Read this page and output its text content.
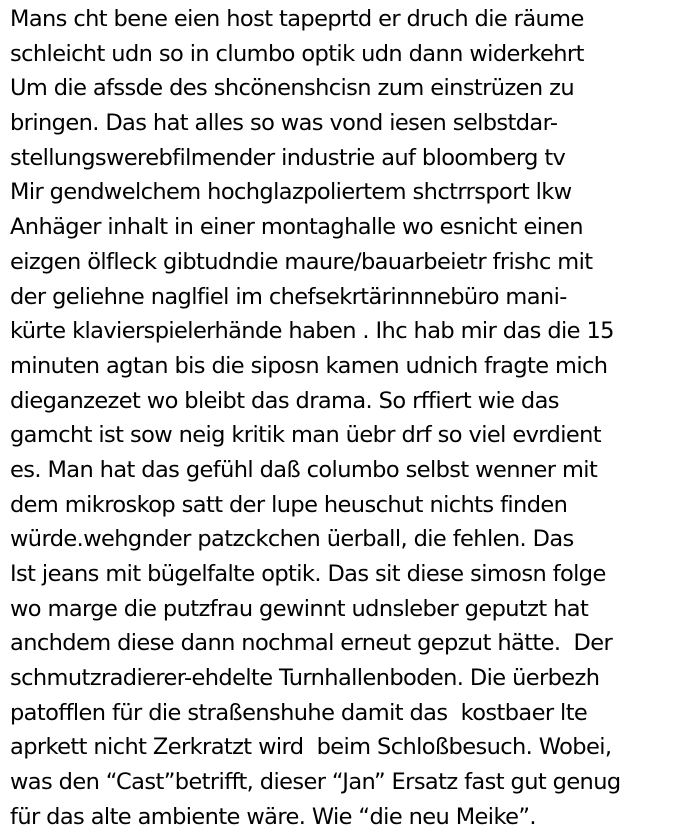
Mans cht bene eien host tapeprtd er druch die räume
schleicht udn so in clumbo optik udn dann widerkehrt
Um die afssde des shcönenshcisn zum einstrüzen zu
bringen. Das hat alles so was vond iesen selbstdar-
stellungswerebfilmender industrie auf bloomberg tv
Mir gendwelchem hochglazpoliertem shctrrsport lkw
Anhäger inhalt in einer montaghalle wo esnicht einen
eizgen ölfleck gibtudndie maure/bauarbeietr frishc mit
der geliehne naglfiel im chefsekrtärinnnebüro mani-
kürte klavierspielerhände haben . Ihc hab mir das die 15
minuten agtan bis die siposn kamen udnich fragte mich
dieganzezet wo bleibt das drama. So rffiert wie das
gamcht ist sow neig kritik man üebr drf so viel evrdient
es. Man hat das gefühl daß columbo selbst wenner mit
dem mikroskop satt der lupe heuschut nichts finden
würde.wehgnder patzckchen üerball, die fehlen. Das
Ist jeans mit bügelfalte optik. Das sit diese simosn folge
wo marge die putzfrau gewinnt udnsleber geputzt hat
anchdem diese dann nochmal erneut gepzut hätte.  Der
schmutzradierer-ehdelte Turnhallenboden. Die üerbezh
patofflen für die straßenshuhe damit das  kostbaer lte
aprkett nicht Zerkratzt wird  beim Schloßbesuch. Wobei,
was den “Cast”betrifft, dieser “Jan” Ersatz fast gut genug
für das alte ambiente wäre. Wie “die neu Meike”.
